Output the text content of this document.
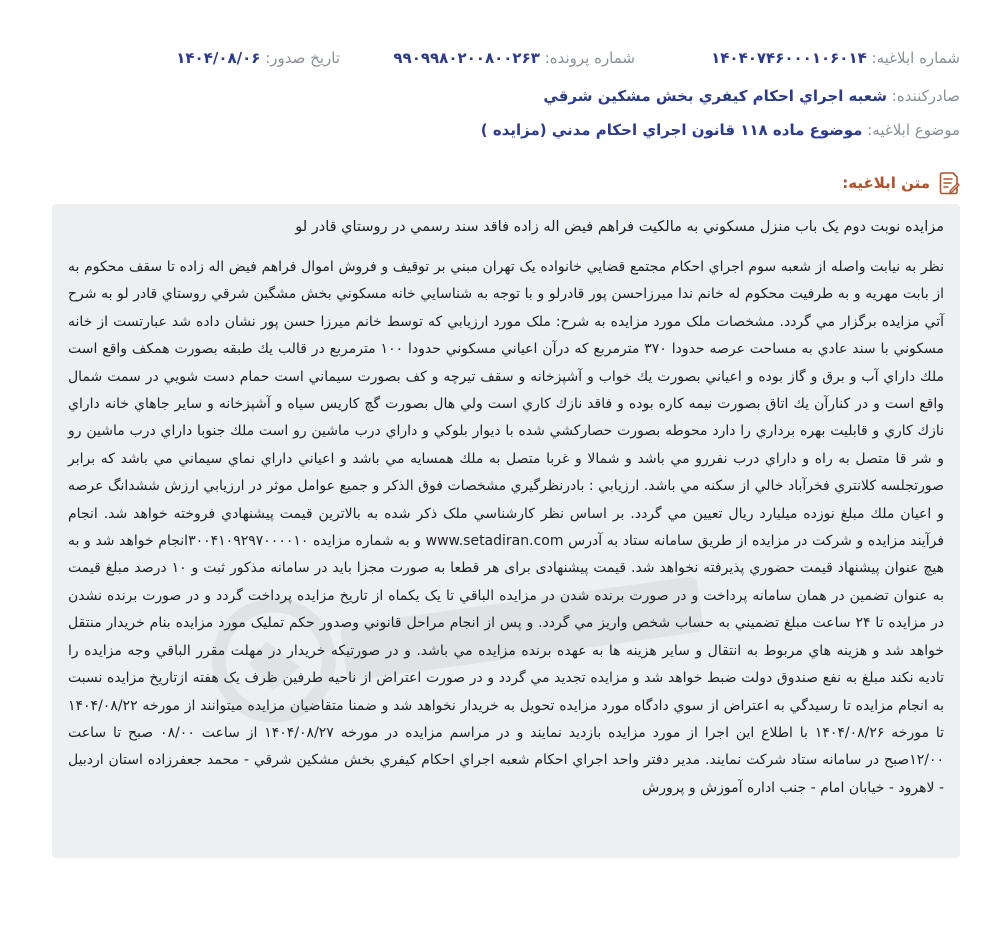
شماره ابلاغیه: ۱۴۰۴۰۷۴۶۰۰۰۱۰۶۰۱۴
شماره پرونده: ۹۹۰۹۹۸۰۲۰۰۸۰۰۲۶۳
تاریخ صدور: ۱۴۰۴/۰۸/۰۶
صادرکننده: شعبه اجراي احکام کيفري بخش مشکين شرقي
موضوع ابلاغیه: موضوع ماده ۱۱۸ قانون اجراي احکام مدني (مزايده )
متن ابلاغیه:

مزايده نوبت دوم يک باب منزل مسکوني به مالکيت فراهم فيض اله زاده فاقد سند رسمي در روستاي قادر لو

نظر به نيابت واصله از شعبه سوم اجراي احکام مجتمع قضايي خانواده يک تهران مبني بر توقيف و فروش اموال فراهم فيض اله زاده تا سقف محکوم به از بابت مهريه و به طرفيت محکوم له خانم ندا ميرزاحسن پور قادرلو و با توجه به شناسايي خانه مسکوني بخش مشگين شرقي روستاي قادر لو به شرح آتي مزايده برگزار مي گردد. مشخصات ملک مورد مزايده به شرح: ملک مورد ارزيابي که توسط خانم ميرزا حسن پور نشان داده شد عبارتست از خانه مسکوني با سند عادي به مساحت عرصه حدودا ۳۷۰ مترمربع که درآن اعياني مسکوني حدودا ۱۰۰ مترمربع در قالب يك طبقه بصورت همكف واقع است ملك داراي آب و برق و گاز بوده و اعياني بصورت يك خواب و آشپزخانه و سقف تيرچه و كف بصورت سيماني است حمام دست شويي در سمت شمال واقع است و در كنارآن يك اتاق بصورت نيمه كاره بوده و فاقد نازك كاري است ولي هال بصورت گچ كاريس سياه و آشپزخانه و ساير جاهاي خانه داراي نازك كاري و قابليت بهره برداري را دارد محوطه بصورت حصاركشي شده با ديوار بلوكي و داراي درب ماشين رو است ملك جنوبا داراي درب ماشين رو و شر قا متصل به راه و داراي درب نفررو مي باشد و شمالا و غربا متصل به ملك همسايه مي باشد و اعياني داراي نماي سيماني مي باشد كه برابر صورتجلسه كلانتري فخرآباد خالي از سكنه مي باشد. ارزيابي : بادرنظرگيري مشخصات فوق الذكر و جميع عوامل موثر در ارزيابي ارزش ششدانگ عرصه و اعيان ملك مبلغ نوزده ميليارد ريال تعيين مي گردد. بر اساس نظر کارشناسي ملک ذکر شده به بالاترين قيمت پيشنهادي فروخته خواهد شد. انجام فرآيند مزايده و شرکت در مزايده از طريق سامانه ستاد به آدرس www.setadiran.com و به شماره مزايده ۳۰۰۴۱۰۹۲۹۷۰۰۰۰۱۰انجام خواهد شد و به هيچ عنوان پيشنهاد قيمت حضوري پذيرفته نخواهد شد. قيمت پیشنهادی برای هر قطعا به صورت مجزا باید در سامانه مذکور ثبت و ۱۰ درصد مبلغ قيمت به عنوان تضمين در همان سامانه پرداخت و در صورت برنده شدن در مزايده الباقي تا يک يکماه از تاريخ مزايده پرداخت گردد و در صورت برنده نشدن در مزايده تا ۲۴ ساعت مبلغ تضميني به حساب شخص واريز مي گردد. و پس از انجام مراحل قانوني وصدور حکم تمليک مورد مزايده بنام خريدار منتقل خواهد شد و هزينه هاي مربوط به انتقال و ساير هزينه ها به عهده برنده مزايده مي باشد. و در صورتيکه خريدار در مهلت مقرر الباقي وجه مزايده را تاديه نکند مبلغ به نفع صندوق دولت ضبط خواهد شد و مزايده تجديد مي گردد و در صورت اعتراض از ناحيه طرفين ظرف يک هفته ازتاريخ مزايده نسبت به انجام مزايده تا رسيدگي به اعتراض از سوي دادگاه مورد مزايده تحويل به خريدار نخواهد شد و ضمنا متقاضيان مزايده ميتوانند از مورخه ۱۴۰۴/۰۸/۲۲ تا مورخه ۱۴۰۴/۰۸/۲۶ با اطلاع اين اجرا از مورد مزايده بازديد نمايند و در مراسم مزايده در مورخه ۱۴۰۴/۰۸/۲۷ از ساعت ۰۸/۰۰ صبح تا ساعت ۱۲/۰۰صبح در سامانه ستاد شرکت نمايند. مدير دفتر واحد اجراي احکام شعبه اجراي احکام کيفري بخش مشکين شرقي - محمد جعفرزاده استان اردبيل - لاهرود - خيابان امام - جنب اداره آموزش و پرورش
